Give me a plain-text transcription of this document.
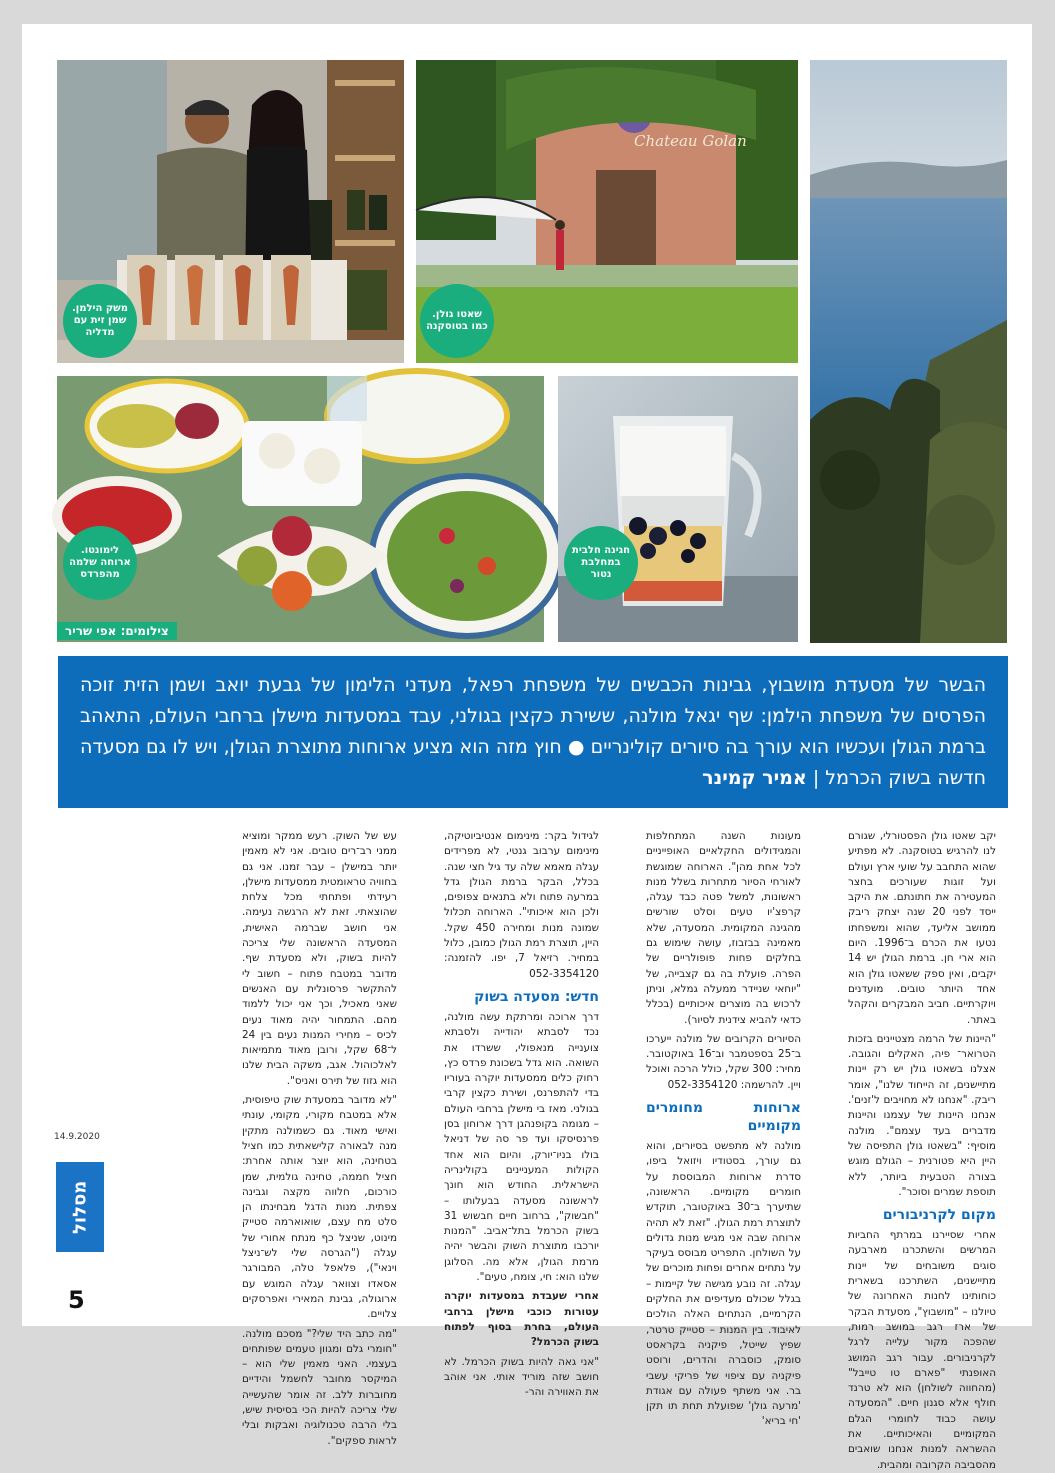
משק הילמן. שמן זית עם מדליה
Chateau Golan
שאטו גולן. כמו בטוסקנה
לימונטו. ארוחה שלמה מהפרדס
צילומים: אפי שריר
חגינה חלבית במחלבת נטור
הבשר של מסעדת מושבוץ, גבינות הכבשים של משפחת רפאל, מעדני הלימון של גבעת יואב ושמן הזית זוכה הפרסים של משפחת הילמן: שף יגאל מולנה, ששירת כקצין בגולני, עבד במסעדות מישלן ברחבי העולם, התאהב ברמת הגולן ועכשיו הוא עורך בה סיורים קולינריים ● חוץ מזה הוא מציע ארוחות מתוצרת הגולן, ויש לו גם מסעדה חדשה בשוק הכרמל | אמיר קמינר

יקב שאטו גולן הפסטורלי, שגורם לנו להרגיש בטוסקנה. לא מפתיע שהוא התחבב על שועי ארץ ועולם ועל זוגות שעורכים בחצר המעטירה את חתונתם. את היקב ייסד לפני 20 שנה יצחק ריבק ממושב אליעד, שהוא ומשפחתו נטעו את הכרם ב־1996. היום הוא ארי חן. ברמת הגולן יש 14 יקבים, ואין ספק ששאטו גולן הוא אחד היותר טובים. מועדנים ויוקרתיים. חביב המבקרים והקהל באתר.

"היינות של הרמה מצטיינים בזכות הטרואר־ פיה, האקלים והגובה. אצלנו בשאטו גולן יש רק יינות מתיישנים, זה הייחוד שלנו", אומר ריבק. "אנחנו לא מחויבים ל'זנים'. אנחנו היינות של עצמנו והיינות מדברים בעד עצמם". מולנה מוסיף: "בשאטו גולן התפיסה של היין היא פטורנית – הגולם מוגש בצורה הטבעית ביותר, ללא תוספת שמרים וסוכר".

מקום לקרניבורים

אחרי שסיירנו במרתף החביות המרשים והשתכרנו מארבעה סוגים משובחים של יינות מתיישנים, השתרכנו בשארית כוחותינו לחנות האחרונה של טיולנו – "מושבוץ", מסעדת הבקר של ארז רגב במושב רמות, שהפכה מקור עלייה לרגל לקרניבורים. עבור רגב המושג האופנתי "פארם טו טייבל" (מהחווה לשולחן) הוא לא טרנד חולף אלא סגנון חיים. "המסעדה עושה כבוד לחומרי הגלם המקומיים והאיכותיים. את ההשראה למנות אנחנו שואבים מהסביבה הקרובה ומהבית.

מעונות השנה המתחלפות והמגידולים החקלאיים האופייניים לכל אחת מהן". הארוחה שמוגשת לאורחי הסיור מתחרות בשלל מנות ראשונות, למשל פטה כבד עגלה, קרפצ'יו טעים וסלט שורשים מהגינה המקומית. המסעדה, שלא מאמינה בבזבוז, עושה שימוש גם בחלקים פחות פופולריים של הפרה. פועלת בה גם קצבייה, של "יוחאי שניידר ממעלה גמלא, וניתן לרכוש בה מוצרים איכותיים (בכלל כדאי להביא צידנית לסיור).

הסיורים הקרובים של מולנה ייערכו ב־25 בספטמבר וב־16 באוקטובר. מחיר: 300 שקל, כולל הרכה ואוכל ויין. להרשמה: 052-3354120

ארוחות מחומרים מקומיים

מולנה לא מתפשט בסיורים, והוא גם עורך, בסטודיו ויזואל ביפו, סדרת ארוחות המבוססת על חומרים מקומיים. הראשונה, שתיערך ב־30 באוקטובר, תוקדש לתוצרת רמת הגולן. "זאת לא תהיה ארוחה שבה אני מגיש מנות גדולים על השולחן. התפריט מבוסס בעיקר על נתחים אחרים ופחות מוכרים של עגלה. זה נובע מגישה של קיימות – בגלל שכולם מעדיפים את החלקים הקרמיים, הנתחים האלה הולכים לאיבוד. בין המנות – סטייק טרטר, שפיץ שייטל, פיקניה בקראסט סומק, כוסברה והדרים, ורוסט פיקניה עם ציפוי של פריקי עשבי בר. אני משתף פעולה עם אגודת 'מרעה גולן' שפועלת תחת תו תקן 'חי בריא'

לגידול בקר: מינימום אנטיביוטיקה, מינימום ערבוב גנטי, לא מפרידים עגלה מאמא שלה עד גיל חצי שנה. בכלל, הבקר ברמת הגולן גדל במרעה פתוח ולא בתנאים צפופים, ולכן הוא איכותי". הארוחה תכלול שמונה מנות ומחירה 450 שקל. היין, תוצרת רמת הגולן כמובן, כלול במחיר. רזיאל 7, יפו. להזמנה: 052-3354120

חדש: מסעדה בשוק

דרך ארוכה ומרתקת עשה מולנה, נכד לסבתא יהודייה ולסבתא צוענייה מנאפולי, ששרדו את השואה. הוא גדל בשכונת פרדס כץ, רחוק כלים ממסעדות יוקרה בעוריו בדי להתפרנס, ושירת כקצין קרבי בגולני. מאז בי מישלן ברחבי העולם – מגומה בקופנהגן דרך ארוחון בסן פרנסיסקו ועד פר סה של דניאל בולו בניו־יורק, והיום הוא אחד הקולות המעניינים בקולינריה הישראלית. החודש הוא חונך לראשונה מסעדה בבעלותו – "חבשוק", ברחוב חיים חבשוש 31 בשוק הכרמל בתל־אביב. "המנות יורכבו מתוצרת השוק והבשר יהיה מרמת הגולן, אלא מה. הסלוגן שלנו הוא: חי, צומח, טעים".

אחרי שעבדת במסעדות יוקרה עטורות כוכבי מישלן ברחבי העולם, בחרת בסוף לפתוח בשוק הכרמל?

"אני גאה להיות בשוק הכרמל. לא חושב שזה מוריד אותי. אני אוהב את האווירה והר-

עש של השוק. רעש ממקר ומוציא ממני רב־רים טובים. אני לא מאמין יותר במישלן – עבר זמנו. אני גם בחוויה טראומטית ממסעדות מישלן, רעידתי ופתחתי מכל צלחת שהוצאתי. זאת לא הרגשה נעימה. אני חושב שברמה האישית, המסעדה הראשונה שלי צריכה להיות בשוק, ולא מסעדת שף. מדובר במטבח פתוח – חשוב לי להתקשר פרסונלית עם האנשים שאני מאכיל, וכך אני יכול ללמוד מהם. התמחור יהיה מאוד נעים לכיס – מחירי המנות נעים בין 24 ל־68 שקל, ורובן מאוד מתמיאות לאלכוהול. אגב, משקה הבית שלנו הוא גזוז של תירס ואניס".

"לא מדובר במסעדת שוק טיפוסית, אלא במטבח מקורי, מקומי, עונתי ואישי מאוד. גם כשמולנה מתקין מנה לבאורה קלישאתית כמו חציל בטחינה, הוא יוצר אותה אחרת: חציל חממה, טחינה גולמית, שמן כורכום, חלווה מקצה וגבינה צפתית. מנות הדגל מבחינתו הן סלט מח עצם, שואוארמה סטייק מינוט, שניצל כף מנתח אחורי של עגלה ("הגרסה שלי לש־ניצל וינאי"), פלאפל טלה, המבורגר אסאדו וצוואר עגלה המוגש עם ארוגולה, גבינת המאירי ואפרסקים צלויים.

"מה כתב היד שלי?" מסכם מולנה. "חומרי גלם ומגוון טעמים שפותחים בעצמי. האני מאמין שלי הוא – המיקסר מחובר לחשמל והידיים מחוברות ללב. זה אומר שהעשייה שלי צריכה להיות הכי בסיסית שיש, בלי הרבה טכנולוגיה ואבקות ובלי לראות ספקים".

14.9.2020
מסלול
5
